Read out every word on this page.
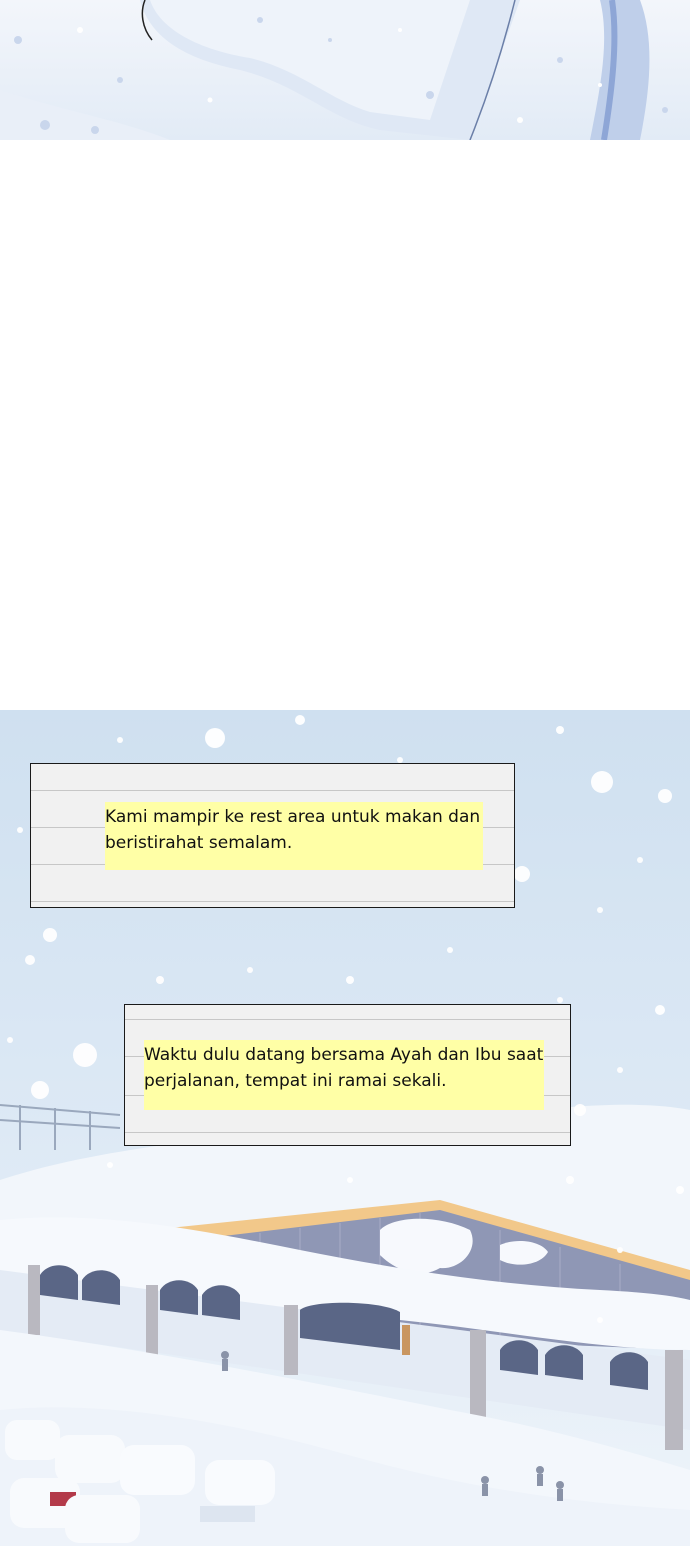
Kami mampir ke rest area untuk makan dan beristirahat semalam.
Waktu dulu datang bersama Ayah dan Ibu saat perjalanan, tempat ini ramai sekali.
